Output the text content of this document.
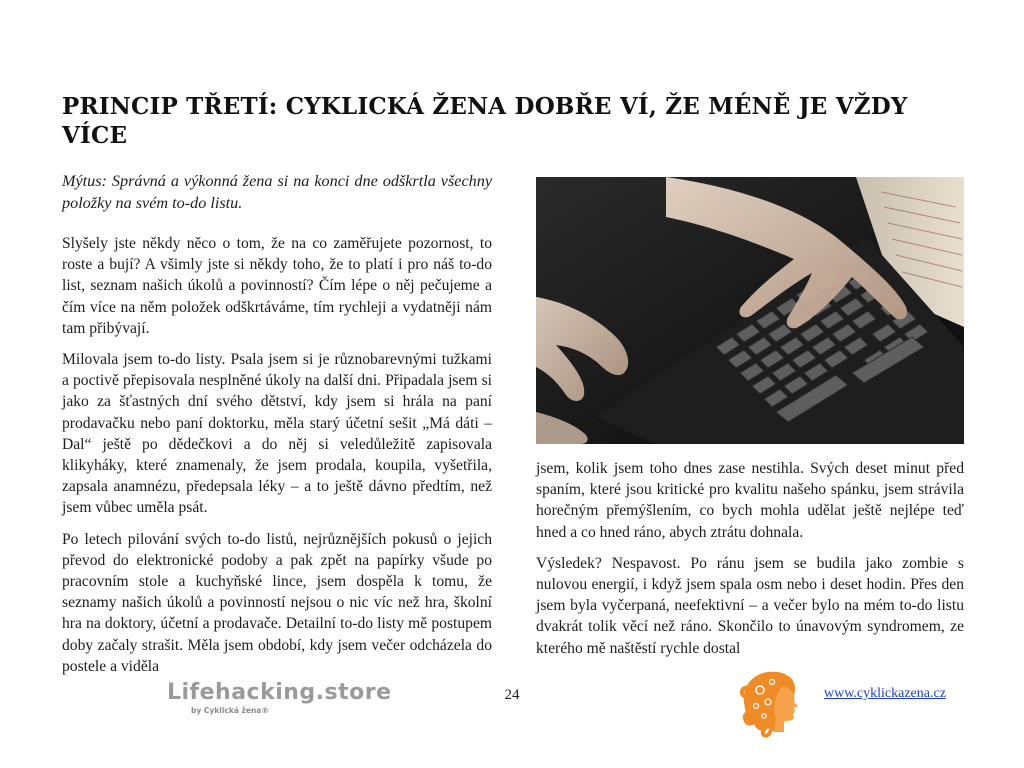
PRINCIP TŘETÍ: CYKLICKÁ ŽENA DOBŘE VÍ, ŽE MÉNĚ JE VŽDY VÍCE

Mýtus: Správná a výkonná žena si na konci dne odškrtla všechny položky na svém to-do listu.

Slyšely jste někdy něco o tom, že na co zaměřujete pozornost, to roste a bují? A všimly jste si někdy toho, že to platí i pro náš to-do list, seznam našich úkolů a povinností? Čím lépe o něj pečujeme a čím více na něm položek odškrtáváme, tím rychleji a vydatněji nám tam přibývají.

Milovala jsem to-do listy. Psala jsem si je různobarevnými tužkami a poctivě přepisovala nesplněné úkoly na další dni. Připadala jsem si jako za šťastných dní svého dětství, kdy jsem si hrála na paní prodavačku nebo paní doktorku, měla starý účetní sešit „Má dáti – Dal“ ještě po dědečkovi a do něj si veledůležitě zapisovala klikyháky, které znamenaly, že jsem prodala, koupila, vyšetřila, zapsala anamnézu, předepsala léky – a to ještě dávno předtím, než jsem vůbec uměla psát.

Po letech pilování svých to-do listů, nejrůznějších pokusů o jejich převod do elektronické podoby a pak zpět na papírky všude po pracovním stole a kuchyňské lince, jsem dospěla k tomu, že seznamy našich úkolů a povinností nejsou o nic víc než hra, školní hra na doktory, účetní a prodavače. Detailní to-do listy mě postupem doby začaly strašit. Měla jsem období, kdy jsem večer odcházela do postele a viděla

jsem, kolik jsem toho dnes zase nestihla. Svých deset minut před spaním, které jsou kritické pro kvalitu našeho spánku, jsem strávila horečným přemýšlením, co bych mohla udělat ještě nejlépe teď hned a co hned ráno, abych ztrátu dohnala.

Výsledek? Nespavost. Po ránu jsem se budila jako zombie s nulovou energií, i když jsem spala osm nebo i deset hodin. Přes den jsem byla vyčerpaná, neefektivní – a večer bylo na mém to-do listu dvakrát tolik věcí než ráno. Skončilo to únavovým syndromem, ze kterého mě naštěstí rychle dostal

Lifehacking.store
by Cyklická žena®
24	www.cyklickazena.cz
